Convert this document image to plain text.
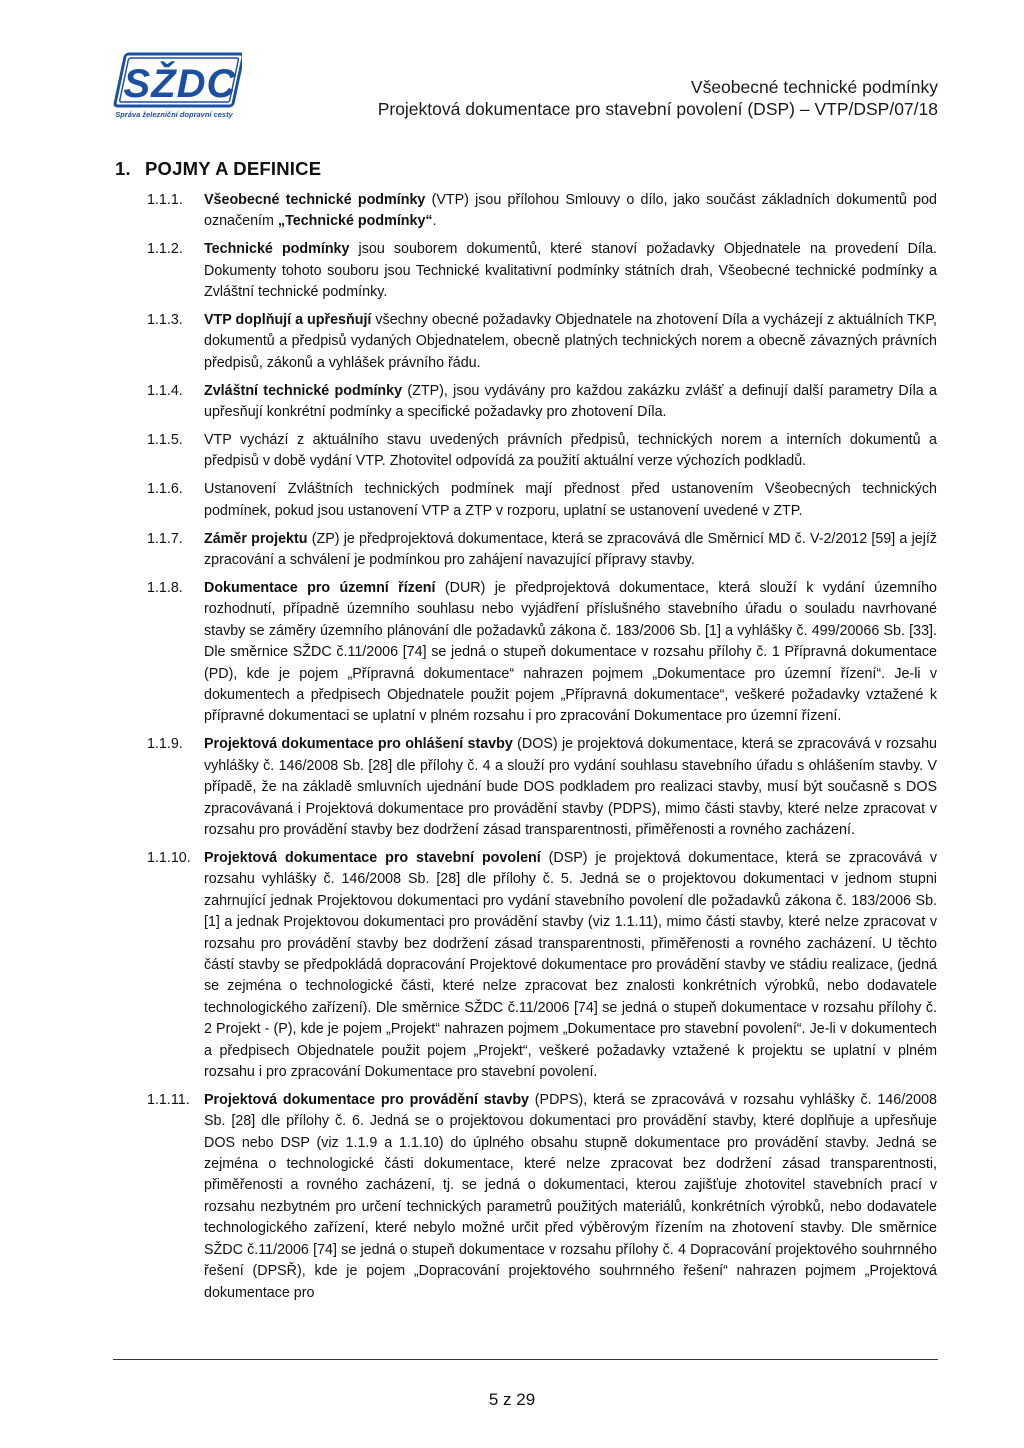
SŽDC
Správa železniční dopravní cesty
Všeobecné technické podmínky
Projektová dokumentace pro stavební povolení (DSP) – VTP/DSP/07/18
1. POJMY A DEFINICE
1.1.1. Všeobecné technické podmínky (VTP) jsou přílohou Smlouvy o dílo, jako součást základních dokumentů pod označením „Technické podmínky“.
1.1.2. Technické podmínky jsou souborem dokumentů, které stanoví požadavky Objednatele na provedení Díla. Dokumenty tohoto souboru jsou Technické kvalitativní podmínky státních drah, Všeobecné technické podmínky a Zvláštní technické podmínky.
1.1.3. VTP doplňují a upřesňují všechny obecné požadavky Objednatele na zhotovení Díla a vycházejí z aktuálních TKP, dokumentů a předpisů vydaných Objednatelem, obecně platných technických norem a obecně závazných právních předpisů, zákonů a vyhlášek právního řádu.
1.1.4. Zvláštní technické podmínky (ZTP), jsou vydávány pro každou zakázku zvlášť a definují další parametry Díla a upřesňují konkrétní podmínky a specifické požadavky pro zhotovení Díla.
1.1.5. VTP vychází z aktuálního stavu uvedených právních předpisů, technických norem a interních dokumentů a předpisů v době vydání VTP. Zhotovitel odpovídá za použití aktuální verze výchozích podkladů.
1.1.6. Ustanovení Zvláštních technických podmínek mají přednost před ustanovením Všeobecných technických podmínek, pokud jsou ustanovení VTP a ZTP v rozporu, uplatní se ustanovení uvedené v ZTP.
1.1.7. Záměr projektu (ZP) je předprojektová dokumentace, která se zpracovává dle Směrnicí MD č. V-2/2012 [59] a jejíž zpracování a schválení je podmínkou pro zahájení navazující přípravy stavby.
1.1.8. Dokumentace pro územní řízení (DUR) je předprojektová dokumentace, která slouží k vydání územního rozhodnutí, případně územního souhlasu nebo vyjádření příslušného stavebního úřadu o souladu navrhované stavby se záměry územního plánování dle požadavků zákona č. 183/2006 Sb. [1] a vyhlášky č. 499/20066 Sb. [33]. Dle směrnice SŽDC č.11/2006 [74] se jedná o stupeň dokumentace v rozsahu přílohy č. 1 Přípravná dokumentace (PD), kde je pojem „Přípravná dokumentace“ nahrazen pojmem „Dokumentace pro územní řízení“. Je-li v dokumentech a předpisech Objednatele použit pojem „Přípravná dokumentace“, veškeré požadavky vztažené k přípravné dokumentaci se uplatní v plném rozsahu i pro zpracování Dokumentace pro územní řízení.
1.1.9. Projektová dokumentace pro ohlášení stavby (DOS) je projektová dokumentace, která se zpracovává v rozsahu vyhlášky č. 146/2008 Sb. [28] dle přílohy č. 4 a slouží pro vydání souhlasu stavebního úřadu s ohlášením stavby. V případě, že na základě smluvních ujednání bude DOS podkladem pro realizaci stavby, musí být současně s DOS zpracovávaná i Projektová dokumentace pro provádění stavby (PDPS), mimo části stavby, které nelze zpracovat v rozsahu pro provádění stavby bez dodržení zásad transparentnosti, přiměřenosti a rovného zacházení.
1.1.10. Projektová dokumentace pro stavební povolení (DSP) je projektová dokumentace, která se zpracovává v rozsahu vyhlášky č. 146/2008 Sb. [28] dle přílohy č. 5. Jedná se o projektovou dokumentaci v jednom stupni zahrnující jednak Projektovou dokumentaci pro vydání stavebního povolení dle požadavků zákona č. 183/2006 Sb. [1] a jednak Projektovou dokumentaci pro provádění stavby (viz 1.1.11), mimo části stavby, které nelze zpracovat v rozsahu pro provádění stavby bez dodržení zásad transparentnosti, přiměřenosti a rovného zacházení. U těchto částí stavby se předpokládá dopracování Projektové dokumentace pro provádění stavby ve stádiu realizace, (jedná se zejména o technologické části, které nelze zpracovat bez znalosti konkrétních výrobků, nebo dodavatele technologického zařízení). Dle směrnice SŽDC č.11/2006 [74] se jedná o stupeň dokumentace v rozsahu přílohy č. 2 Projekt - (P), kde je pojem „Projekt“ nahrazen pojmem „Dokumentace pro stavební povolení“. Je-li v dokumentech a předpisech Objednatele použit pojem „Projekt“, veškeré požadavky vztažené k projektu se uplatní v plném rozsahu i pro zpracování Dokumentace pro stavební povolení.
1.1.11. Projektová dokumentace pro provádění stavby (PDPS), která se zpracovává v rozsahu vyhlášky č. 146/2008 Sb. [28] dle přílohy č. 6. Jedná se o projektovou dokumentaci pro provádění stavby, které doplňuje a upřesňuje DOS nebo DSP (viz 1.1.9 a 1.1.10) do úplného obsahu stupně dokumentace pro provádění stavby. Jedná se zejména o technologické části dokumentace, které nelze zpracovat bez dodržení zásad transparentnosti, přiměřenosti a rovného zacházení, tj. se jedná o dokumentaci, kterou zajišťuje zhotovitel stavebních prací v rozsahu nezbytném pro určení technických parametrů použitých materiálů, konkrétních výrobků, nebo dodavatele technologického zařízení, které nebylo možné určit před výběrovým řízením na zhotovení stavby. Dle směrnice SŽDC č.11/2006 [74] se jedná o stupeň dokumentace v rozsahu přílohy č. 4 Dopracování projektového souhrnného řešení (DPSŘ), kde je pojem „Dopracování projektového souhrnného řešení“ nahrazen pojmem „Projektová dokumentace pro
5 z 29
